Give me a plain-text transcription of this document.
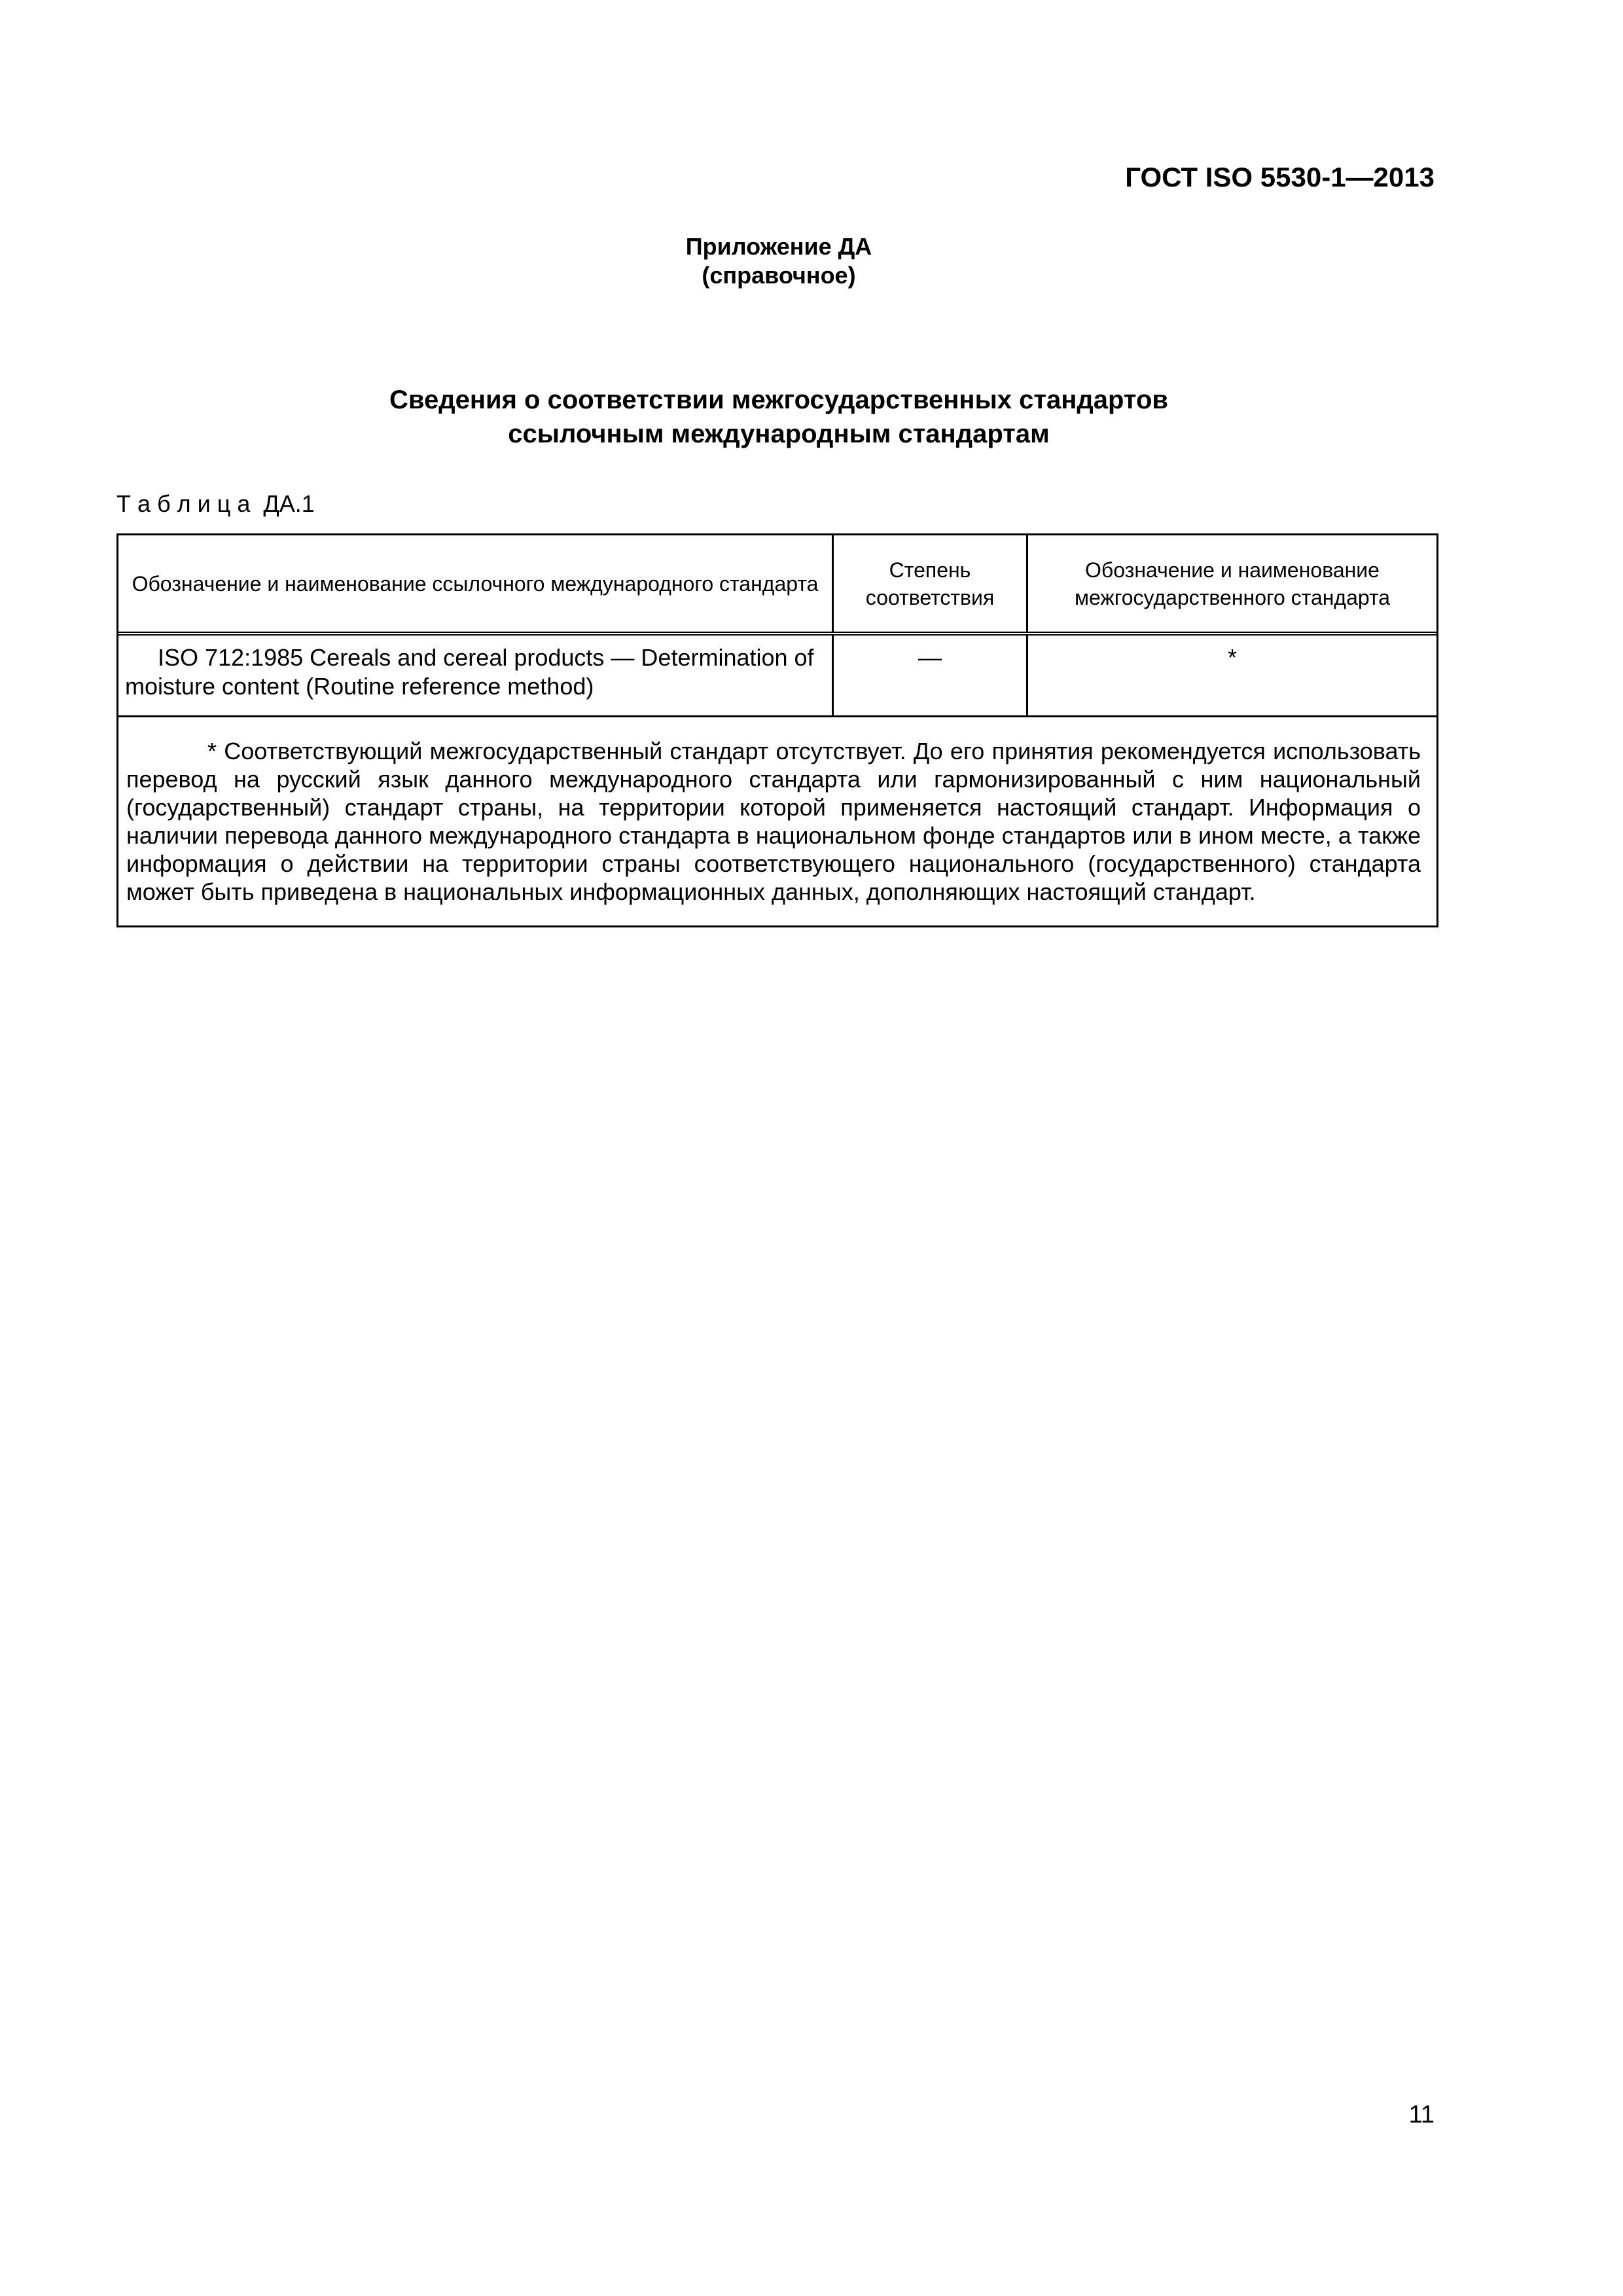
ГОСТ ISO 5530-1—2013
Приложение ДА
(справочное)
Сведения о соответствии межгосударственных стандартов
ссылочным международным стандартам
Т а б л и ц а  ДА.1
Обозначение и наименование ссылочного международного стандарта
Степень соответствия
Обозначение и наименование межгосударственного стандарта
ISO 712:1985 Cereals and cereal products — Determination of moisture content (Routine reference method)
—	*
* Соответствующий межгосударственный стандарт отсутствует. До его принятия рекомендуется использовать перевод на русский язык данного международного стандарта или гармонизированный с ним национальный (государственный) стандарт страны, на территории которой применяется настоящий стандарт. Информация о наличии перевода данного международного стандарта в национальном фонде стандартов или в ином месте, а также информация о действии на территории страны соответствующего национального (государственного) стандарта может быть приведена в национальных информационных данных, дополняющих настоящий стандарт.
11
